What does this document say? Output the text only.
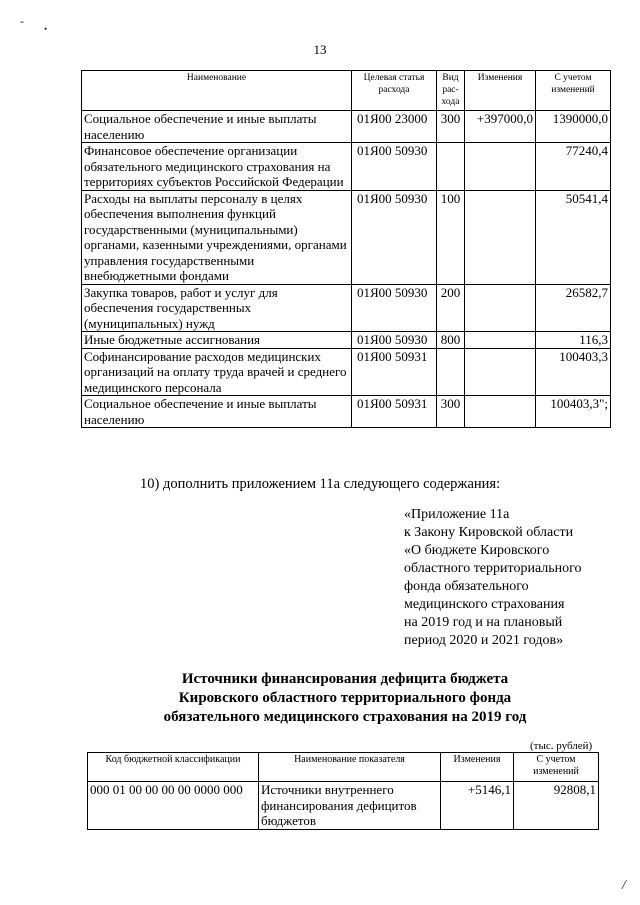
-
•
/
13
Наименование	Целевая статья расхода	Вид рас-хода	Изменения	С учетом изменений
Социальное обеспечение и иные выплаты населению	01Я00 23000	300	+397000,0	1390000,0
Финансовое обеспечение организации обязательного медицинского страхования на территориях субъектов Российской Федерации	01Я00 50930			77240,4
Расходы на выплаты персоналу в целях обеспечения выполнения функций государственными (муниципальными) органами, казенными учреждениями, органами управления государственными внебюджетными фондами	01Я00 50930	100		50541,4
Закупка товаров, работ и услуг для обеспечения государственных (муниципальных) нужд	01Я00 50930	200		26582,7
Иные бюджетные ассигнования	01Я00 50930	800		116,3
Софинансирование расходов медицинских организаций на оплату труда врачей и среднего медицинского персонала	01Я00 50931			100403,3
Социальное обеспечение и иные выплаты населению	01Я00 50931	300		100403,3";
10) дополнить приложением 11а следующего содержания:
«Приложение 11а
к Закону Кировской области
«О бюджете Кировского
областного территориального
фонда обязательного
медицинского страхования
на 2019 год и на плановый
период 2020 и 2021 годов»
Источники финансирования дефицита бюджета
Кировского областного территориального фонда
обязательного медицинского страхования на 2019 год
(тыс. рублей)
Код бюджетной классификации	Наименование показателя	Изменения	С учетом изменений
000 01 00 00 00 00 0000 000	Источники внутреннего финансирования дефицитов бюджетов	+5146,1	92808,1
